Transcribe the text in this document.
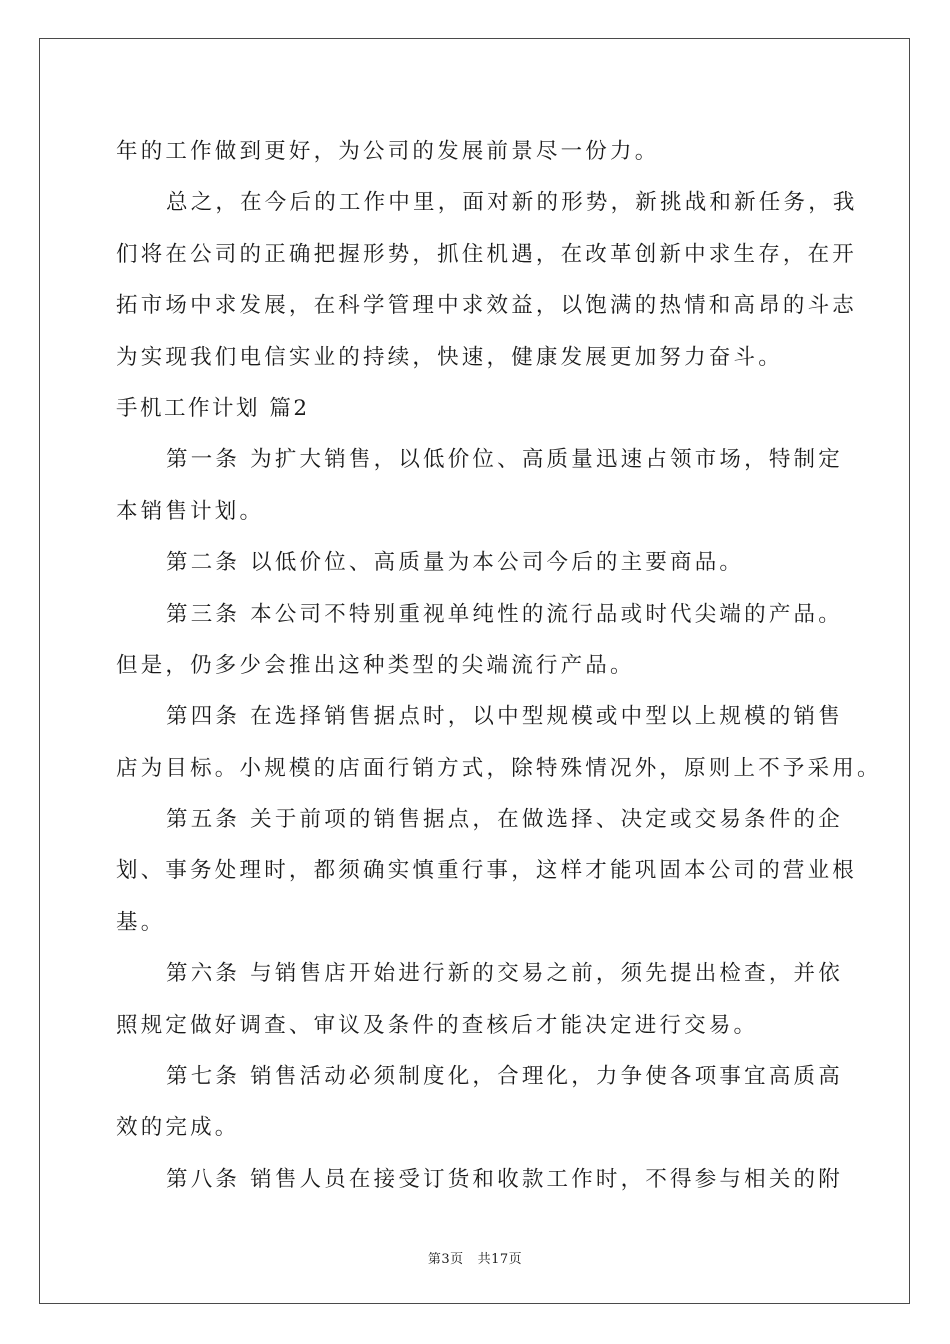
年的工作做到更好，为公司的发展前景尽一份力。
总之，在今后的工作中里，面对新的形势，新挑战和新任务，我
们将在公司的正确把握形势，抓住机遇，在改革创新中求生存，在开
拓市场中求发展，在科学管理中求效益，以饱满的热情和高昂的斗志
为实现我们电信实业的持续，快速，健康发展更加努力奋斗。
手机工作计划 篇2
第一条 为扩大销售，以低价位、高质量迅速占领市场，特制定
本销售计划。
第二条 以低价位、高质量为本公司今后的主要商品。
第三条 本公司不特别重视单纯性的流行品或时代尖端的产品。
但是，仍多少会推出这种类型的尖端流行产品。
第四条 在选择销售据点时，以中型规模或中型以上规模的销售
店为目标。小规模的店面行销方式，除特殊情况外，原则上不予采用。
第五条 关于前项的销售据点，在做选择、决定或交易条件的企
划、事务处理时，都须确实慎重行事，这样才能巩固本公司的营业根
基。
第六条 与销售店开始进行新的交易之前，须先提出检查，并依
照规定做好调查、审议及条件的查核后才能决定进行交易。
第七条 销售活动必须制度化，合理化，力争使各项事宜高质高
效的完成。
第八条 销售人员在接受订货和收款工作时，不得参与相关的附
第3页 共17页
